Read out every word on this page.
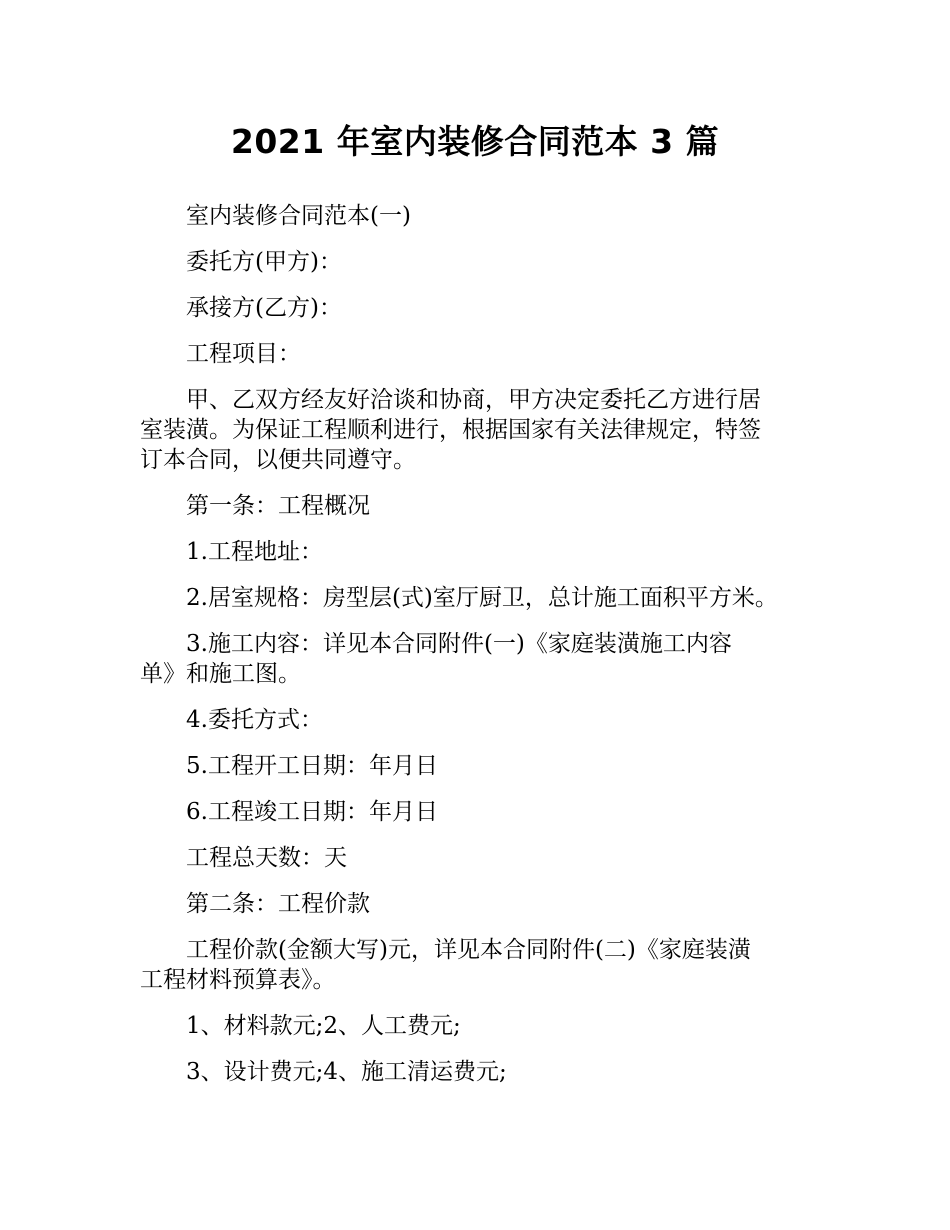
2021 年室内装修合同范本 3 篇

室内装修合同范本(一)

委托方(甲方)：

承接方(乙方)：

工程项目：

甲、乙双方经友好洽谈和协商，甲方决定委托乙方进行居
室装潢。为保证工程顺利进行，根据国家有关法律规定，特签
订本合同，以便共同遵守。

第一条：工程概况

1.工程地址：

2.居室规格：房型层(式)室厅厨卫，总计施工面积平方米。

3.施工内容：详见本合同附件(一)《家庭装潢施工内容
单》和施工图。

4.委托方式：

5.工程开工日期：年月日

6.工程竣工日期：年月日

工程总天数：天

第二条：工程价款

工程价款(金额大写)元，详见本合同附件(二)《家庭装潢
工程材料预算表》。

1、材料款元;2、人工费元;

3、设计费元;4、施工清运费元;
